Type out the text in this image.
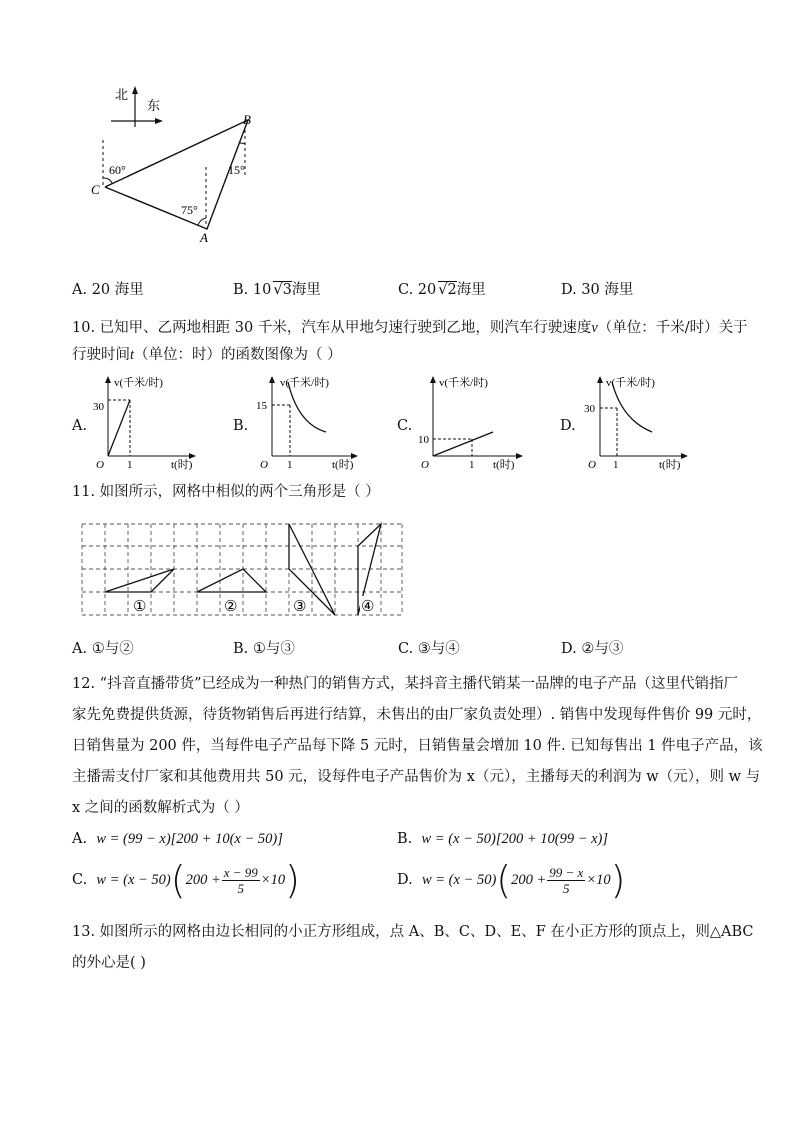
北
东
60°
75°
15°
C
B
A
A. 20 海里	B. 10 √3海里	C. 20 √2海里	D. 30 海里
10. 已知甲、乙两地相距 30 千米，汽车从甲地匀速行驶到乙地，则汽车行驶速度v（单位：千米/时）关于
行驶时间t（单位：时）的函数图像为（ ）
A.
v(千米/时)
30
1
O	t(时)
B.
v(千米/时)
15
1
O	t(时)
C.
v(千米/时)
10
1
O	t(时)
D.
v(千米/时)
30
1
O	t(时)
11. 如图所示，网格中相似的两个三角形是（ ）
①	②	③	④
A. ①与②	B. ①与③	C. ③与④	D. ②与③
12. “抖音直播带货”已经成为一种热门的销售方式，某抖音主播代销某一品牌的电子产品（这里代销指厂
家先免费提供货源，待货物销售后再进行结算，未售出的由厂家负责处理）. 销售中发现每件售价 99 元时，
日销售量为 200 件，当每件电子产品每下降 5 元时，日销售量会增加 10 件. 已知每售出 1 件电子产品，该
主播需支付厂家和其他费用共 50 元，设每件电子产品售价为 x（元），主播每天的利润为 w（元），则 w 与
x 之间的函数解析式为（ ）
A. w = (99 − x)[200 + 10(x − 50)]	B. w = (x − 50)[200 + 10(99 − x)]
C.
w = (x − 50) ( $200 + \frac{x - 99}{5} \times 10$ )	D.
w = (x − 50) ( $200 + \frac{99 - x}{5} \times 10$ )
13. 如图所示的网格由边长相同的小正方形组成，点 A、B、C、D、E、F 在小正方形的顶点上，则△ABC
的外心是( )
